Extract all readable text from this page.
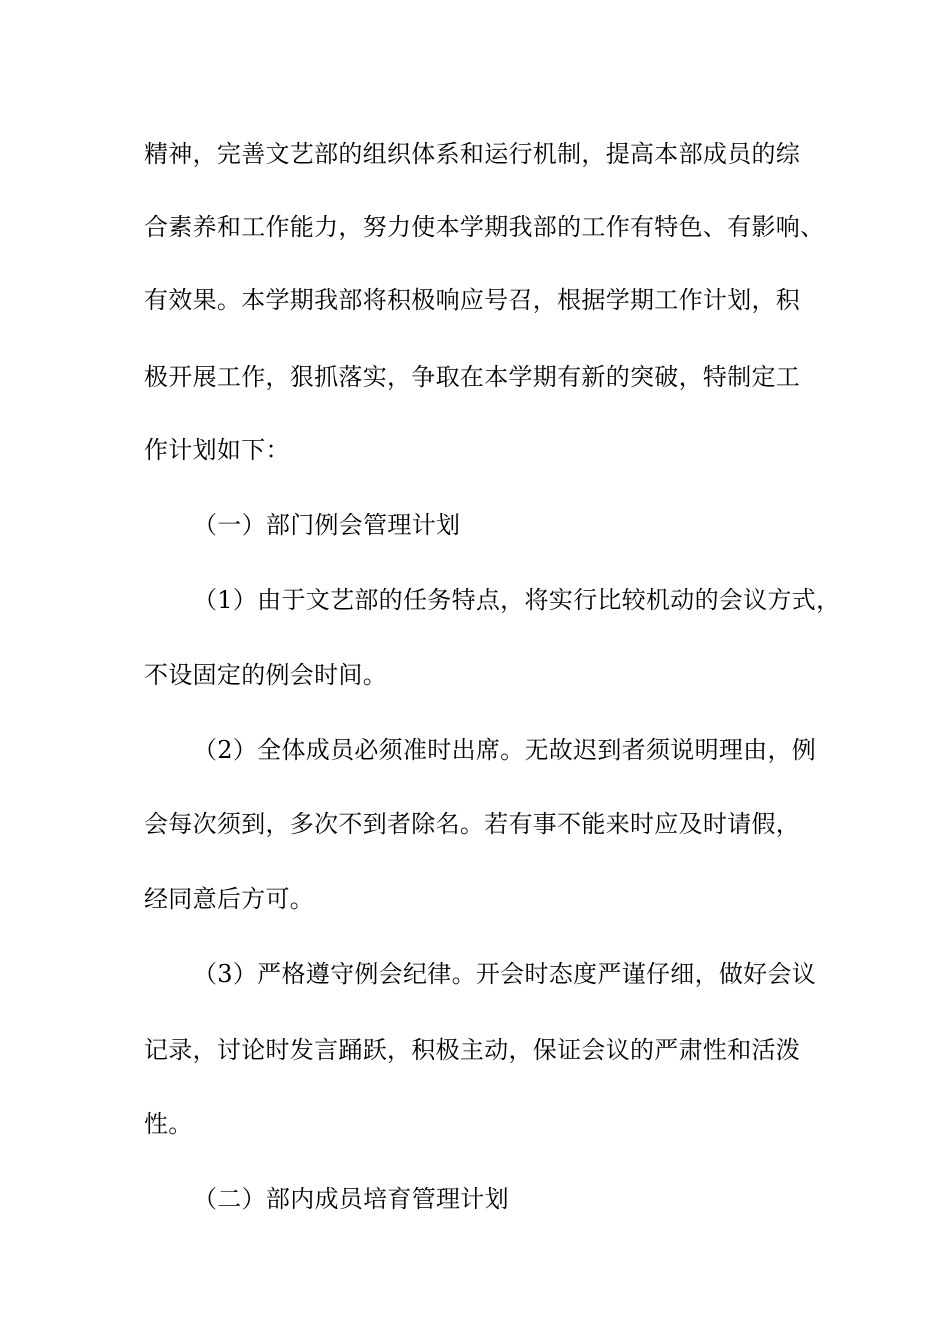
精神，完善文艺部的组织体系和运行机制，提高本部成员的综
合素养和工作能力，努力使本学期我部的工作有特色、有影响、
有效果。本学期我部将积极响应号召，根据学期工作计划，积
极开展工作，狠抓落实，争取在本学期有新的突破，特制定工
作计划如下：
（一）部门例会管理计划
（1）由于文艺部的任务特点，将实行比较机动的会议方式，
不设固定的例会时间。
（2）全体成员必须准时出席。无故迟到者须说明理由，例
会每次须到，多次不到者除名。若有事不能来时应及时请假，
经同意后方可。
（3）严格遵守例会纪律。开会时态度严谨仔细，做好会议
记录，讨论时发言踊跃，积极主动，保证会议的严肃性和活泼
性。
（二）部内成员培育管理计划
